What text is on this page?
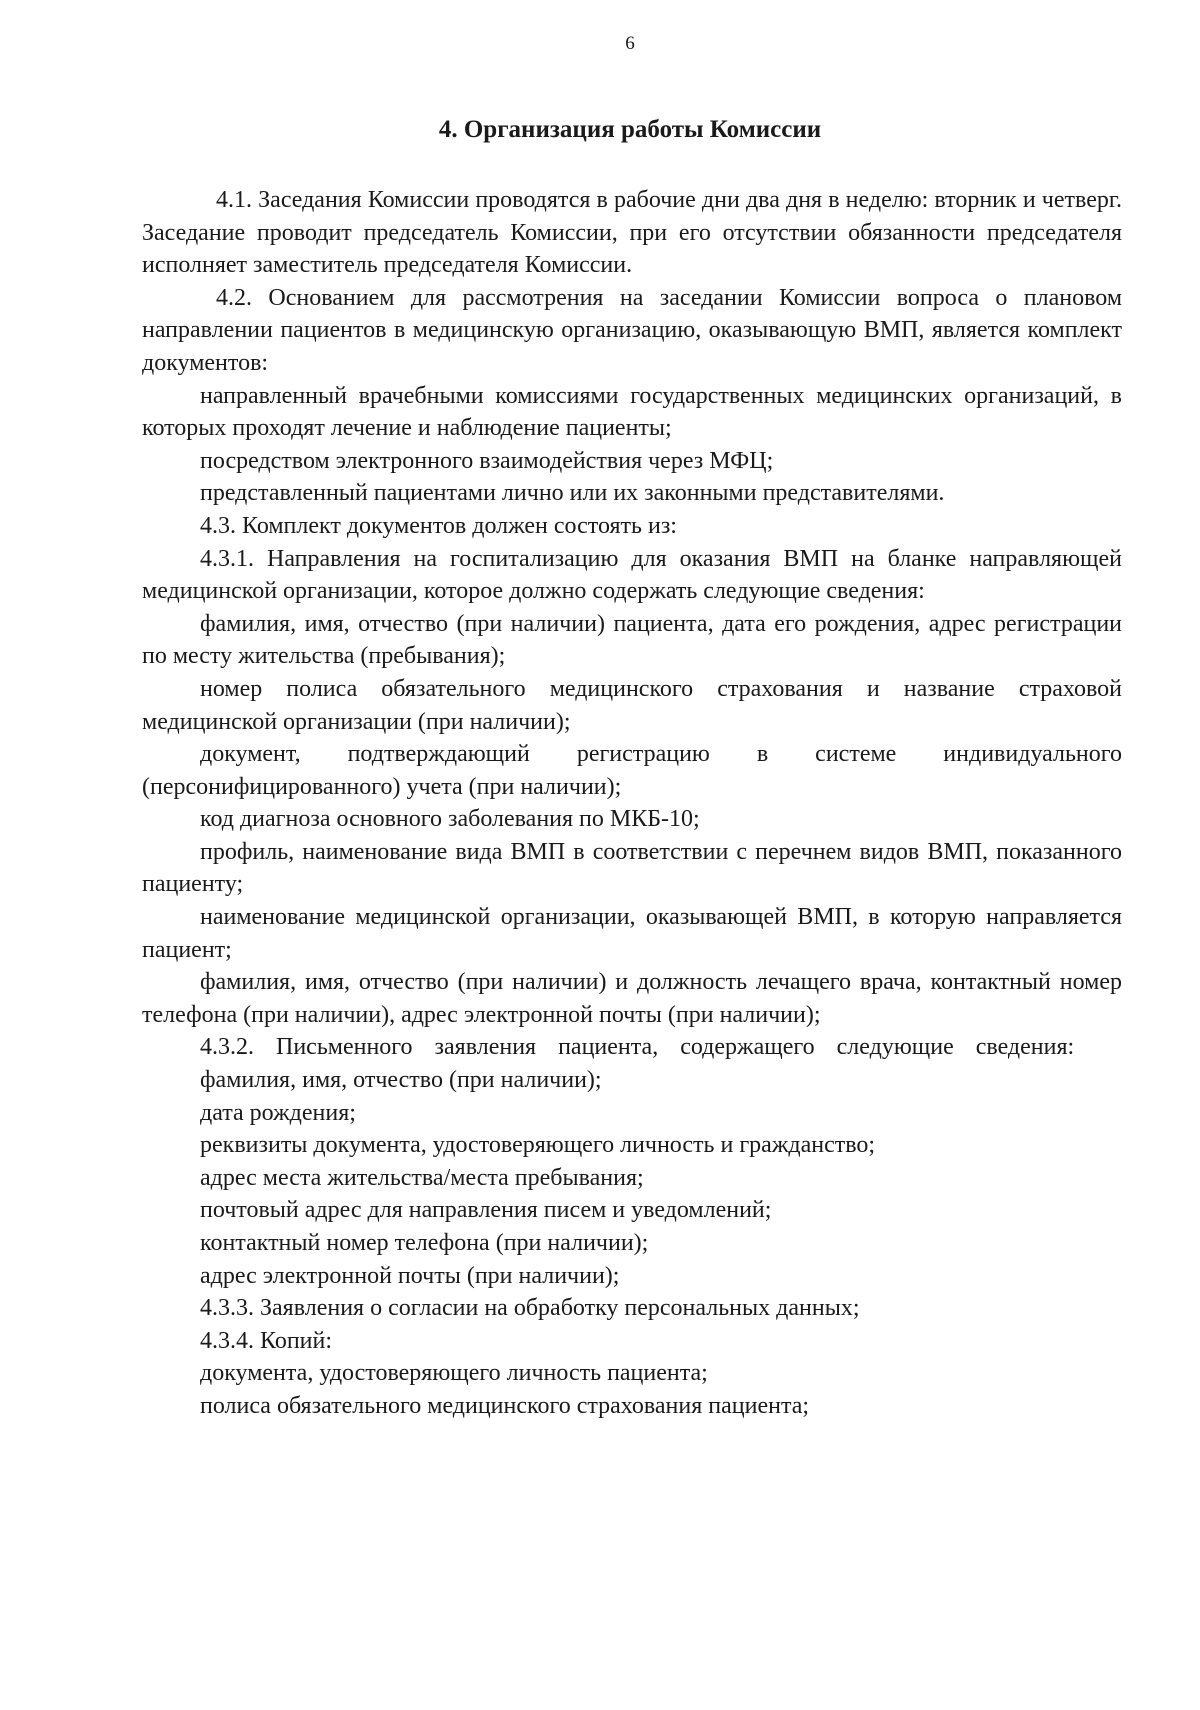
6
4. Организация работы Комиссии

4.1. Заседания Комиссии проводятся в рабочие дни два дня в неделю: вторник и четверг. Заседание проводит председатель Комиссии, при его отсутствии обязанности председателя исполняет заместитель председателя Комиссии.

4.2. Основанием для рассмотрения на заседании Комиссии вопроса о плановом направлении пациентов в медицинскую организацию, оказывающую ВМП, является комплект документов:

направленный врачебными комиссиями государственных медицинских организаций, в которых проходят лечение и наблюдение пациенты;

посредством электронного взаимодействия через МФЦ;

представленный пациентами лично или их законными представителями.

4.3. Комплект документов должен состоять из:

4.3.1. Направления на госпитализацию для оказания ВМП на бланке направляющей медицинской организации, которое должно содержать следующие сведения:

фамилия, имя, отчество (при наличии) пациента, дата его рождения, адрес регистрации по месту жительства (пребывания);

номер полиса обязательного медицинского страхования и название страховой медицинской организации (при наличии);

документ, подтверждающий регистрацию в системе индивидуального (персонифицированного) учета (при наличии);

код диагноза основного заболевания по МКБ-10;

профиль, наименование вида ВМП в соответствии с перечнем видов ВМП, показанного пациенту;

наименование медицинской организации, оказывающей ВМП, в которую направляется пациент;

фамилия, имя, отчество (при наличии) и должность лечащего врача, контактный номер телефона (при наличии), адрес электронной почты (при наличии);

4.3.2. Письменного заявления пациента, содержащего следующие сведения:

фамилия, имя, отчество (при наличии);

дата рождения;

реквизиты документа, удостоверяющего личность и гражданство;

адрес места жительства/места пребывания;

почтовый адрес для направления писем и уведомлений;

контактный номер телефона (при наличии);

адрес электронной почты (при наличии);

4.3.3. Заявления о согласии на обработку персональных данных;

4.3.4. Копий:

документа, удостоверяющего личность пациента;

полиса обязательного медицинского страхования пациента;
